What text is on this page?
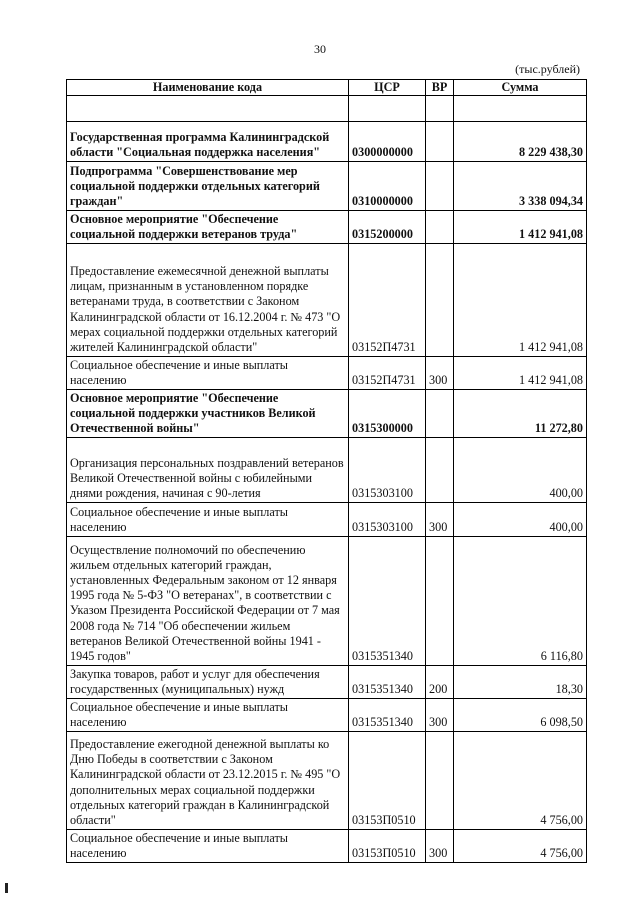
30
(тыс.рублей)
Наименование кода	ЦСР	ВР	Сумма

Государственная программа Калининградской области "Социальная поддержка населения"	0300000000		8 229 438,30
Подпрограмма "Совершенствование мер социальной поддержки отдельных категорий граждан"	0310000000		3 338 094,34
Основное мероприятие "Обеспечение социальной поддержки ветеранов труда"	0315200000		1 412 941,08
Предоставление ежемесячной денежной выплаты лицам, признанным в установленном порядке ветеранами труда, в соответствии с Законом Калининградской области от 16.12.2004 г. № 473 "О мерах социальной поддержки отдельных категорий жителей Калининградской области"	03152П4731		1 412 941,08
Социальное обеспечение и иные выплаты населению	03152П4731	300	1 412 941,08
Основное мероприятие "Обеспечение социальной поддержки участников Великой Отечественной войны"	0315300000		11 272,80
Организация персональных поздравлений ветеранов Великой Отечественной войны с юбилейными днями рождения, начиная с 90-летия	0315303100		400,00
Социальное обеспечение и иные выплаты населению	0315303100	300	400,00
Осуществление полномочий по обеспечению жильем отдельных категорий граждан, установленных Федеральным законом от 12 января 1995 года № 5-ФЗ "О ветеранах", в соответствии с Указом Президента Российской Федерации от 7 мая 2008 года № 714 "Об обеспечении жильем ветеранов Великой Отечественной войны 1941 - 1945 годов"	0315351340		6 116,80
Закупка товаров, работ и услуг для обеспечения государственных (муниципальных) нужд	0315351340	200	18,30
Социальное обеспечение и иные выплаты населению	0315351340	300	6 098,50
Предоставление ежегодной денежной выплаты ко Дню Победы в соответствии с Законом Калининградской области от 23.12.2015 г. № 495 "О дополнительных мерах социальной поддержки отдельных категорий граждан в Калининградской области"	03153П0510		4 756,00
Социальное обеспечение и иные выплаты населению	03153П0510	300	4 756,00
